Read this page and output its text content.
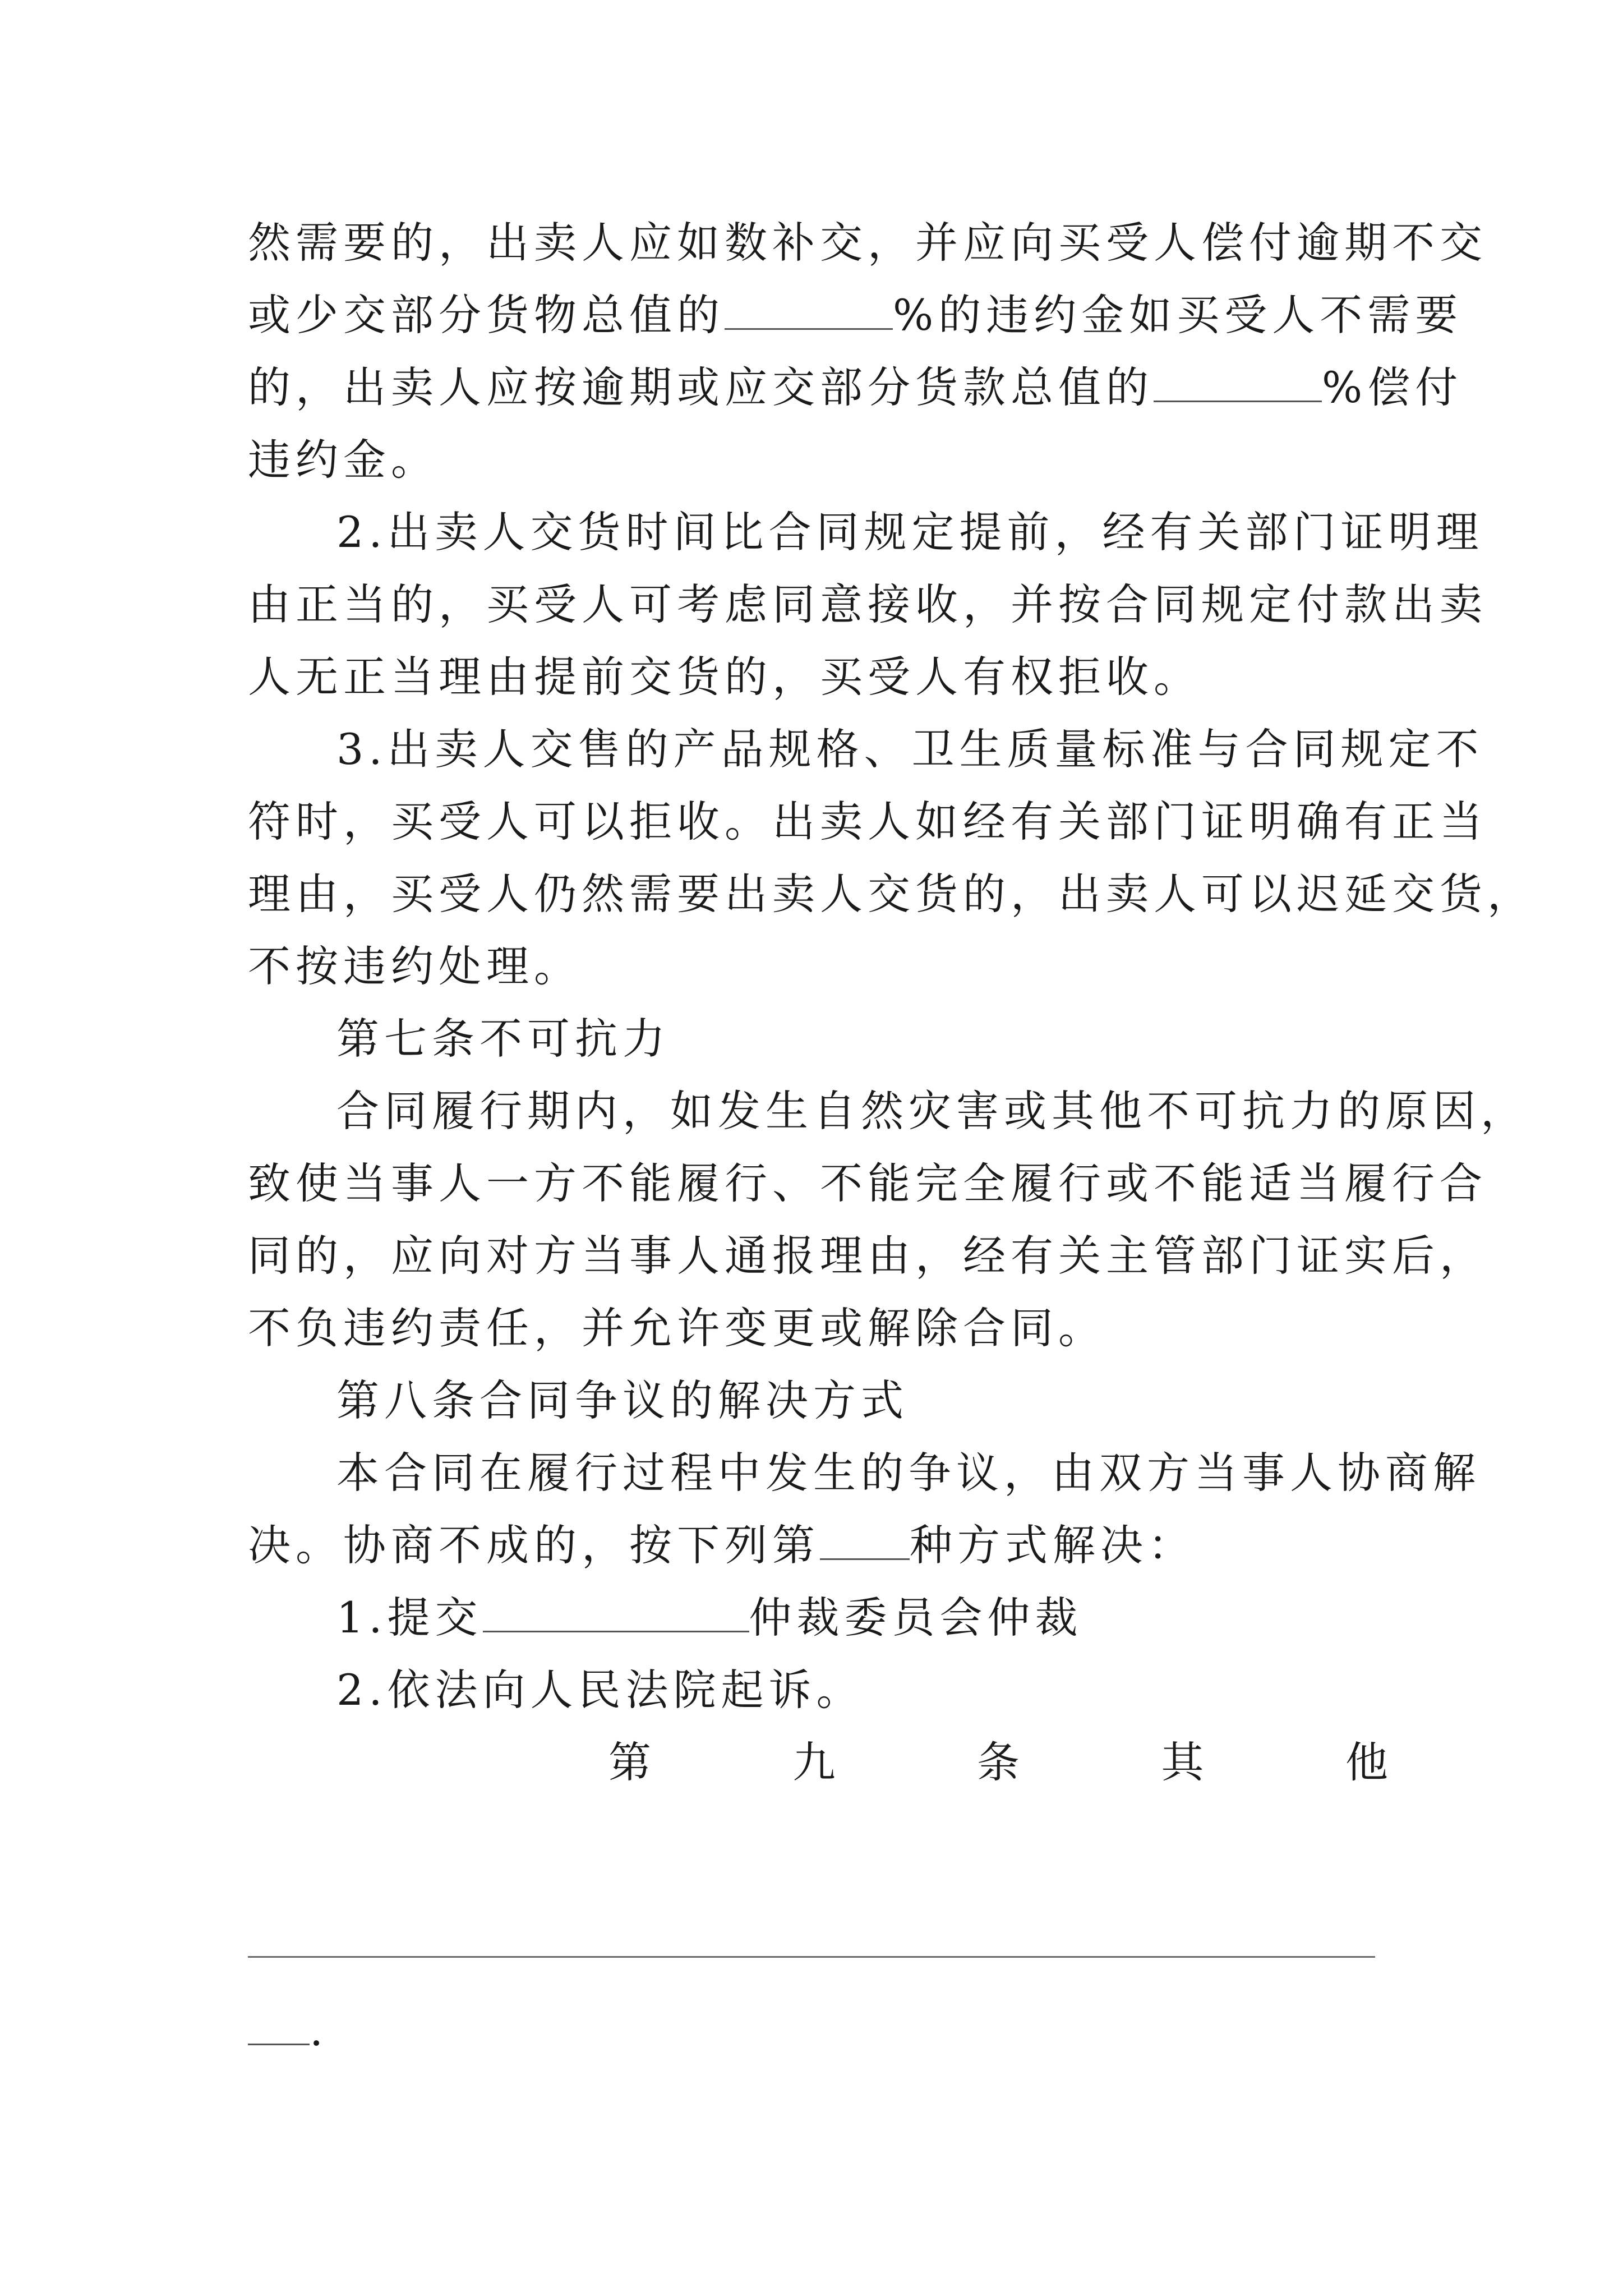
然需要的，出卖人应如数补交，并应向买受人偿付逾期不交
或少交部分货物总值的	%的违约金如买受人不需要
的，出卖人应按逾期或应交部分货款总值的	%偿付
违约金。
2.出卖人交货时间比合同规定提前，经有关部门证明理
由正当的，买受人可考虑同意接收，并按合同规定付款出卖
人无正当理由提前交货的，买受人有权拒收。
3.出卖人交售的产品规格、卫生质量标准与合同规定不
符时，买受人可以拒收。出卖人如经有关部门证明确有正当
理由，买受人仍然需要出卖人交货的，出卖人可以迟延交货，
不按违约处理。
第七条不可抗力
合同履行期内，如发生自然灾害或其他不可抗力的原因，
致使当事人一方不能履行、不能完全履行或不能适当履行合
同的，应向对方当事人通报理由，经有关主管部门证实后，
不负违约责任，并允许变更或解除合同。
第八条合同争议的解决方式
本合同在履行过程中发生的争议，由双方当事人协商解
决。协商不成的，按下列第 种方式解决：
1.提交	仲裁委员会仲裁
2.依法向人民法院起诉。
第	九	条	其	他
.
